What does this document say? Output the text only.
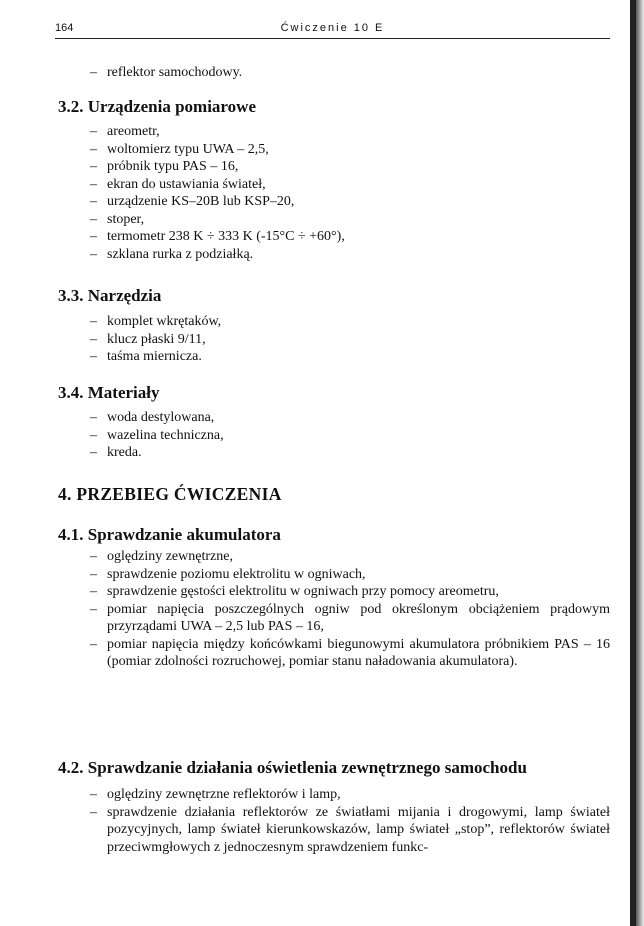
164	Ćwiczenie 10 E
– reflektor samochodowy.
3.2. Urządzenia pomiarowe
– areometr,
– woltomierz typu UWA – 2,5,
– próbnik typu PAS – 16,
– ekran do ustawiania świateł,
– urządzenie KS–20B lub KSP–20,
– stoper,
– termometr 238 K ÷ 333 K (-15°C ÷ +60°),
– szklana rurka z podziałką.
3.3. Narzędzia
– komplet wkrętaków,
– klucz płaski 9/11,
– taśma miernicza.
3.4. Materiały
– woda destylowana,
– wazelina techniczna,
– kreda.
4. PRZEBIEG ĆWICZENIA
4.1. Sprawdzanie akumulatora
– oględziny zewnętrzne,
– sprawdzenie poziomu elektrolitu w ogniwach,
– sprawdzenie gęstości elektrolitu w ogniwach przy pomocy areometru,
– pomiar napięcia poszczególnych ogniw pod określonym obciążeniem prądowym przyrządami UWA – 2,5 lub PAS – 16,
– pomiar napięcia między końcówkami biegunowymi akumulatora próbnikiem PAS – 16 (pomiar zdolności rozruchowej, pomiar stanu naładowania akumulatora).
4.2. Sprawdzanie działania oświetlenia zewnętrznego samochodu
– oględziny zewnętrzne reflektorów i lamp,
– sprawdzenie działania reflektorów ze światłami mijania i drogowymi, lamp świateł pozycyjnych, lamp świateł kierunkowskazów, lamp świateł „stop”, reflektorów świateł przeciwmgłowych z jednoczesnym sprawdzeniem funkc-
